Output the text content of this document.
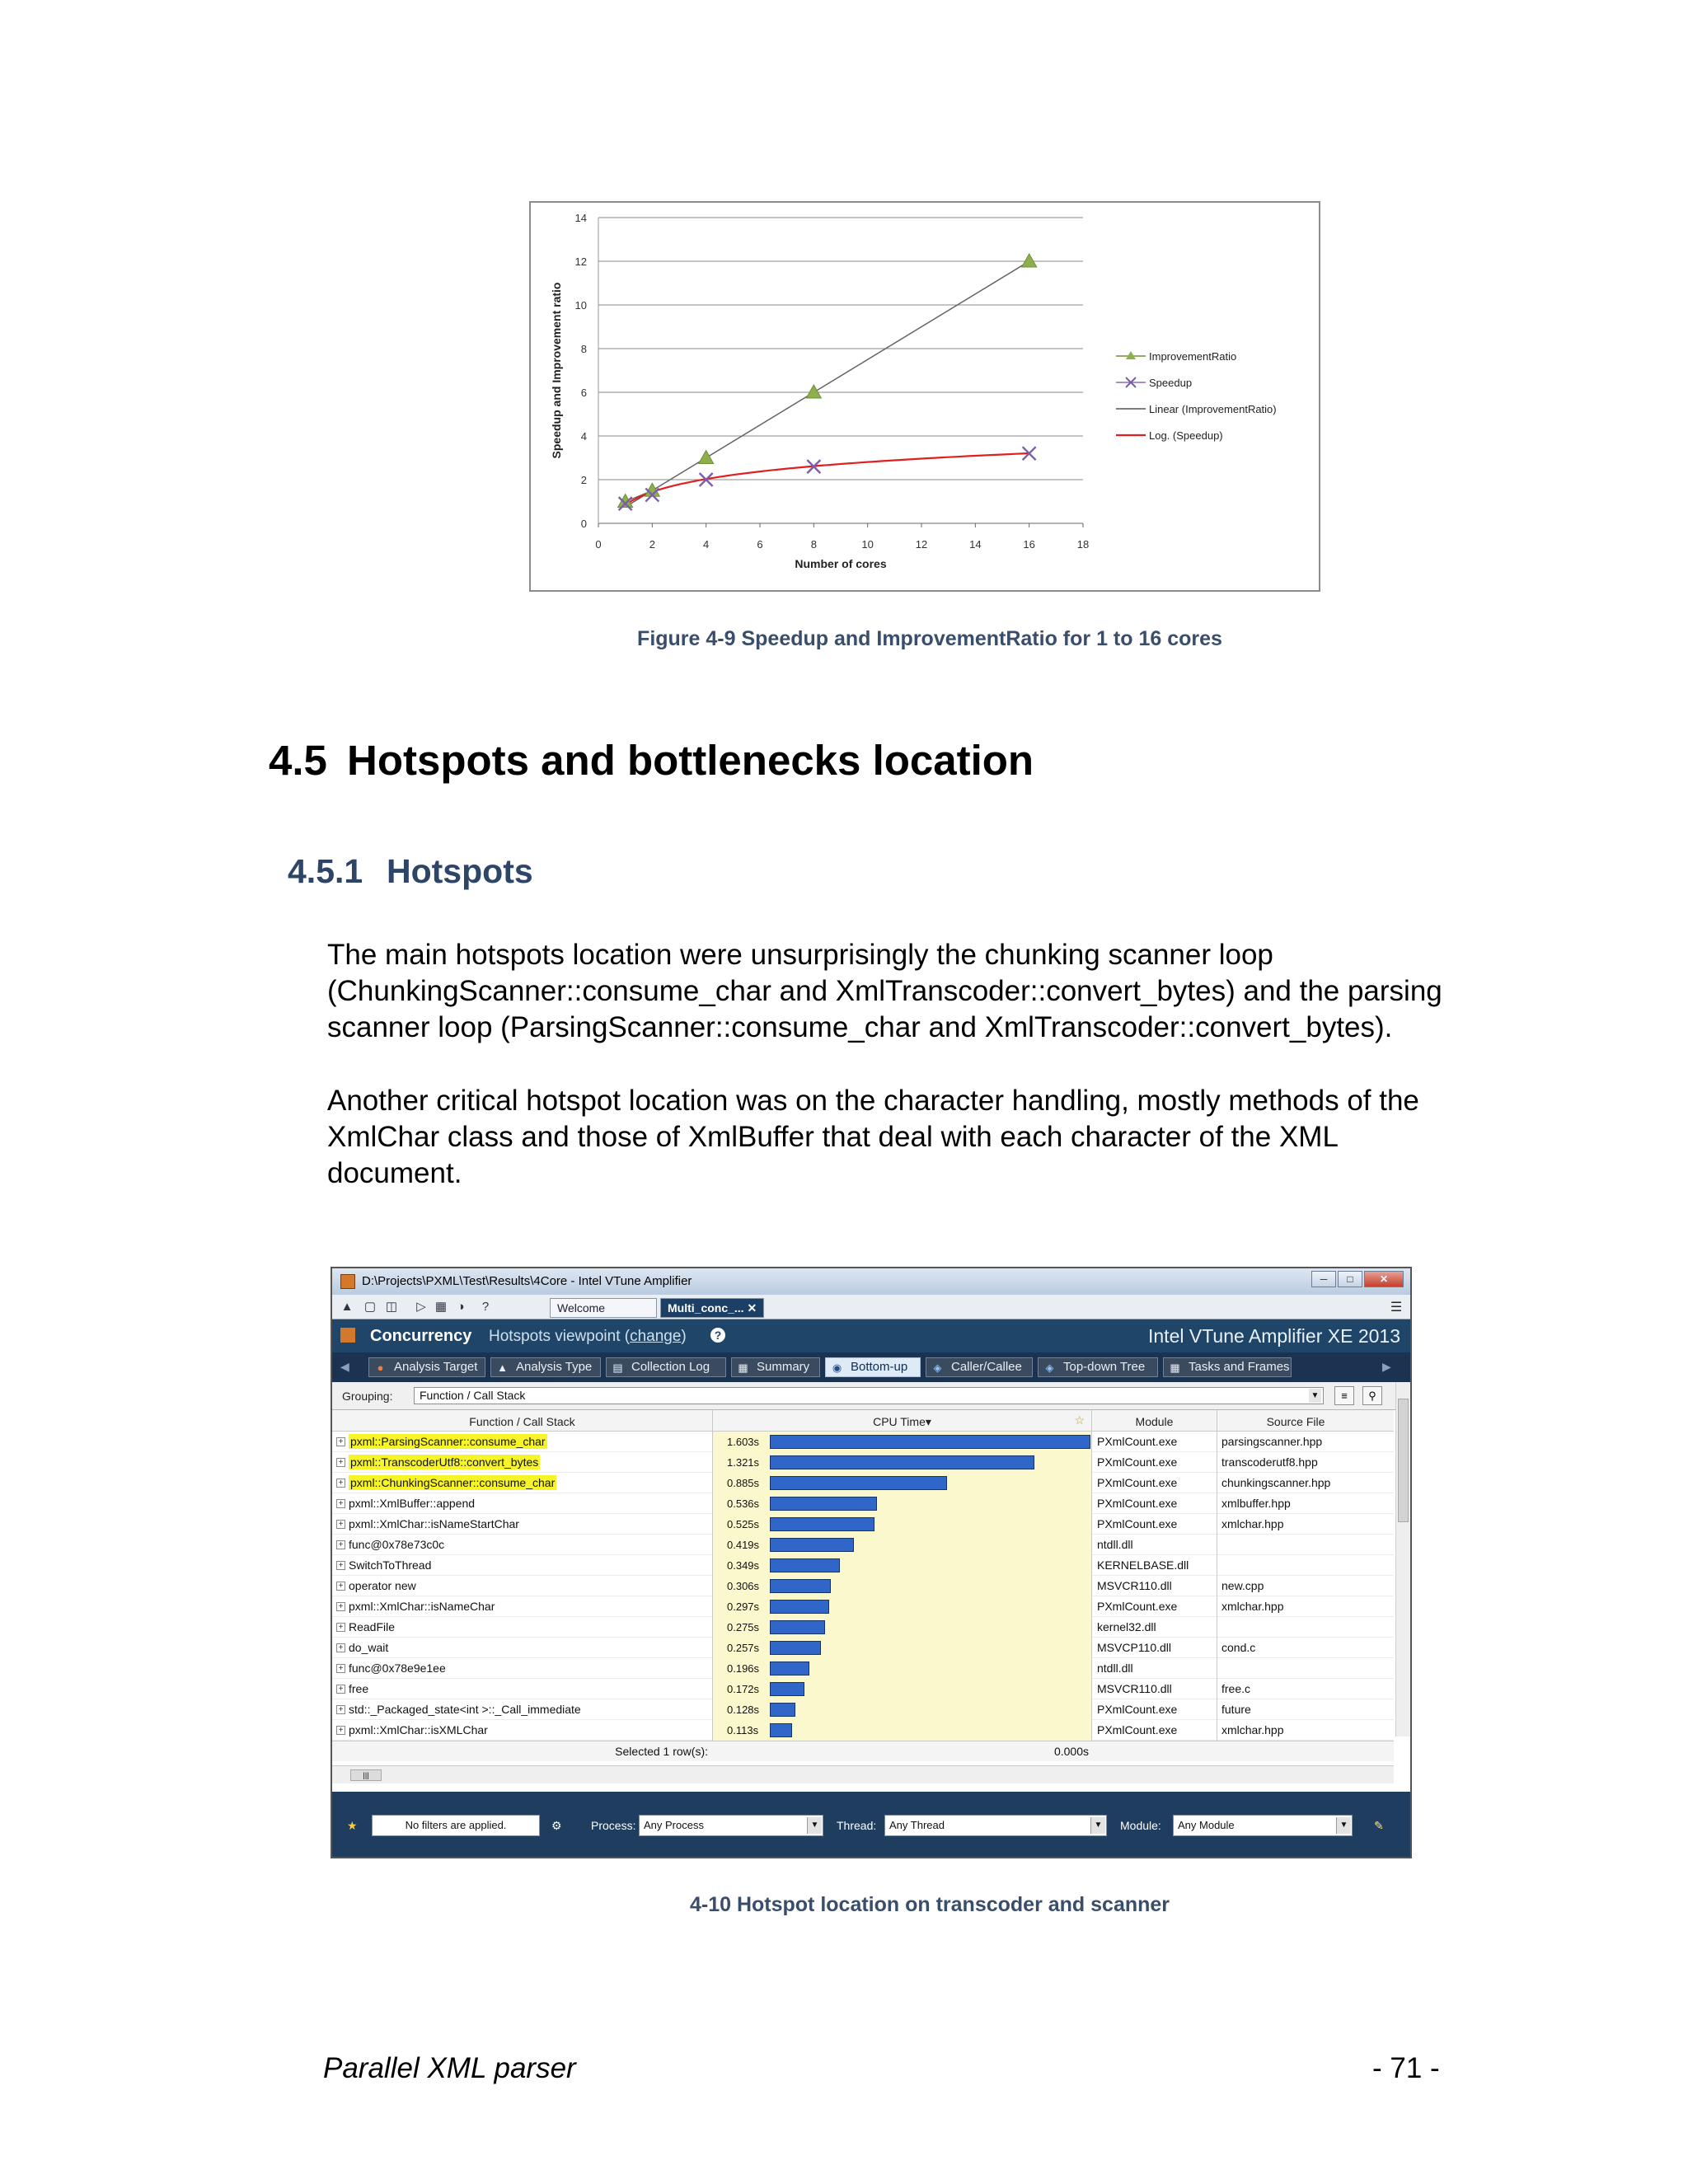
0
2
4
6
8
10
12
14
0	2	4	6	8	10	12	14	16	18
ImprovementRatio
Speedup
Linear (ImprovementRatio)
Log. (Speedup)
Number of cores
Speedup and Improvement ratio
Figure 4-9 Speedup and ImprovementRatio for 1 to 16 cores
4.5 Hotspots and bottlenecks location
4.5.1 Hotspots
The main hotspots location were unsurprisingly the chunking scanner loop
(ChunkingScanner::consume_char and XmlTranscoder::convert_bytes) and the parsing
scanner loop (ParsingScanner::consume_char and XmlTranscoder::convert_bytes).
Another critical hotspot location was on the character handling, mostly methods of the
XmlChar class and those of XmlBuffer that deal with each character of the XML
document.
D:\Projects\PXML\Test\Results\4Core - Intel VTune Amplifier	─	□	✕
▲ ▢ ◫ ▷ ▦ ◑	?	Welcome	Multi_conc_... ✕	☰
Concurrency Hotspots viewpoint (change)	?	Intel VTune Amplifier XE 2013
◀	● Analysis Target	▲ Analysis Type	▤ Collection Log	▦ Summary	◉ Bottom-up	◈ Caller/Callee	◈ Top-down Tree	▦ Tasks and Frames	▶
Grouping:	Function / Call Stack	▼	≡	⚲
Function / Call Stack	CPU Time▾	☆	Module	Source File
+ pxml::ParsingScanner::consume_char	1.603s	PXmlCount.exe	parsingscanner.hpp
+ pxml::TranscoderUtf8::convert_bytes	1.321s	PXmlCount.exe	transcoderutf8.hpp
+ pxml::ChunkingScanner::consume_char	0.885s	PXmlCount.exe	chunkingscanner.hpp
+ pxml::XmlBuffer::append	0.536s	PXmlCount.exe	xmlbuffer.hpp
+ pxml::XmlChar::isNameStartChar	0.525s	PXmlCount.exe	xmlchar.hpp
+ func@0x78e73c0c	0.419s	ntdll.dll
+ SwitchToThread	0.349s	KERNELBASE.dll
+ operator new	0.306s	MSVCR110.dll	new.cpp
+ pxml::XmlChar::isNameChar	0.297s	PXmlCount.exe	xmlchar.hpp
+ ReadFile	0.275s	kernel32.dll
+ do_wait	0.257s	MSVCP110.dll	cond.c
+ func@0x78e9e1ee	0.196s	ntdll.dll
+ free	0.172s	MSVCR110.dll	free.c
+ std::_Packaged_state<int >::_Call_immediate	0.128s	PXmlCount.exe	future
+ pxml::XmlChar::isXMLChar	0.113s	PXmlCount.exe	xmlchar.hpp
Selected 1 row(s):	0.000s
|||
★	No filters are applied.	⚙	Process: Any Process	▼ Thread:	Any Thread	▼ Module:	Any Module	▼ ✎
4-10 Hotspot location on transcoder and scanner
Parallel XML parser	- 71 -
